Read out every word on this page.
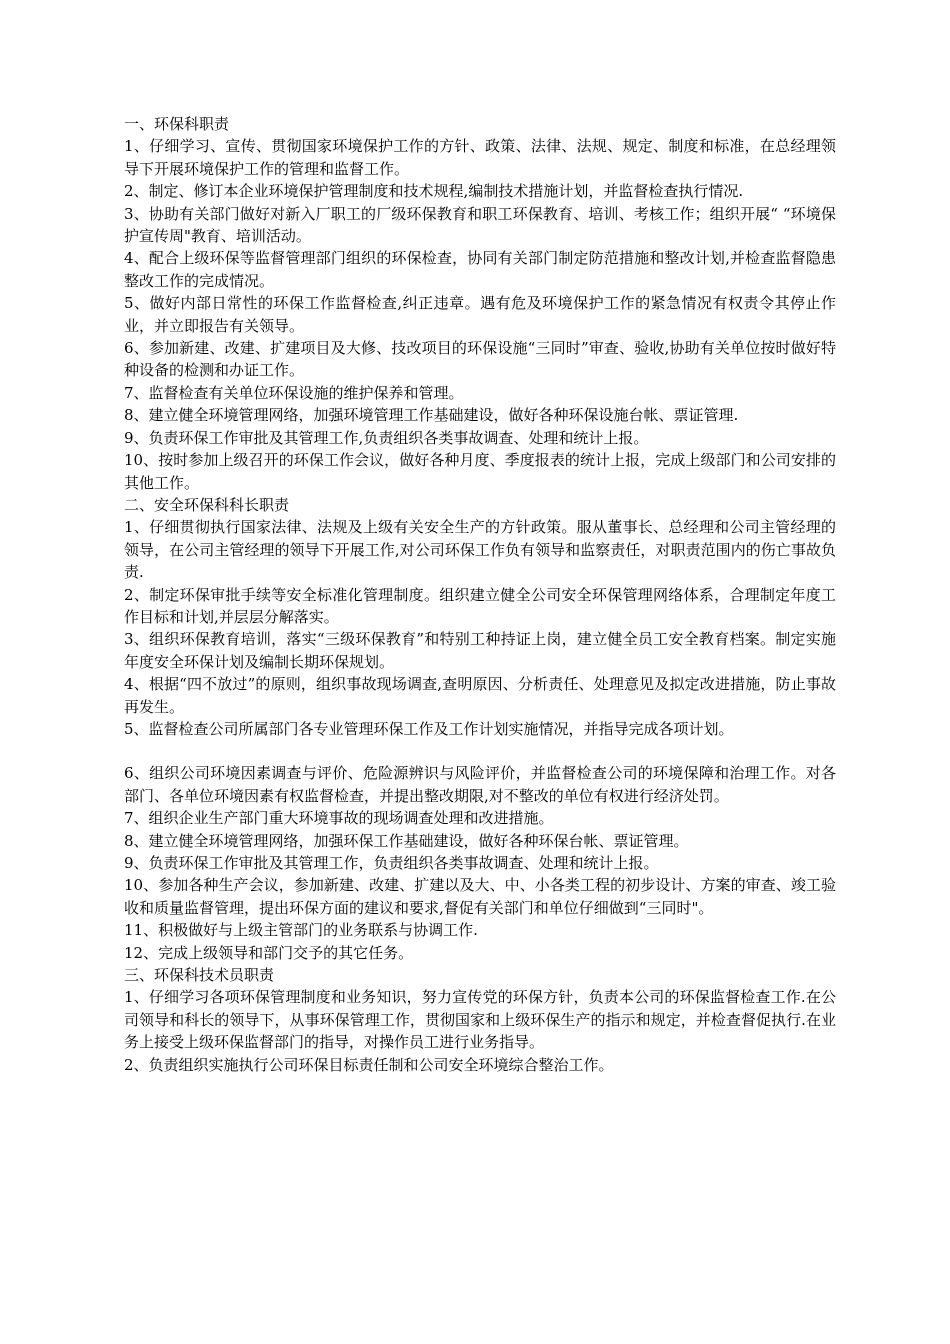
一、环保科职责

1、仔细学习、宣传、贯彻国家环境保护工作的方针、政策、法律、法规、规定、制度和标准，在总经理领导下开展环境保护工作的管理和监督工作。

2、制定、修订本企业环境保护管理制度和技术规程,编制技术措施计划，并监督检查执行情况.

3、协助有关部门做好对新入厂职工的厂级环保教育和职工环保教育、培训、考核工作；组织开展“ “环境保护宣传周"教育、培训活动。

4、配合上级环保等监督管理部门组织的环保检查，协同有关部门制定防范措施和整改计划,并检查监督隐患整改工作的完成情况。

5、做好内部日常性的环保工作监督检查,纠正违章。遇有危及环境保护工作的紧急情况有权责令其停止作业，并立即报告有关领导。

6、参加新建、改建、扩建项目及大修、技改项目的环保设施“三同时”审查、验收,协助有关单位按时做好特种设备的检测和办证工作。

7、监督检查有关单位环保设施的维护保养和管理。

8、建立健全环境管理网络，加强环境管理工作基础建设，做好各种环保设施台帐、票证管理.

9、负责环保工作审批及其管理工作,负责组织各类事故调查、处理和统计上报。

10、按时参加上级召开的环保工作会议，做好各种月度、季度报表的统计上报，完成上级部门和公司安排的其他工作。

二、安全环保科科长职责

1、仔细贯彻执行国家法律、法规及上级有关安全生产的方针政策。服从董事长、总经理和公司主管经理的领导，在公司主管经理的领导下开展工作,对公司环保工作负有领导和监察责任，对职责范围内的伤亡事故负责.

2、制定环保审批手续等安全标准化管理制度。组织建立健全公司安全环保管理网络体系，合理制定年度工作目标和计划,并层层分解落实。

3、组织环保教育培训，落实“三级环保教育”和特别工种持证上岗，建立健全员工安全教育档案。制定实施年度安全环保计划及编制长期环保规划。

4、根据“四不放过”的原则，组织事故现场调查,查明原因、分析责任、处理意见及拟定改进措施，防止事故再发生。

5、监督检查公司所属部门各专业管理环保工作及工作计划实施情况，并指导完成各项计划。

6、组织公司环境因素调查与评价、危险源辨识与风险评价，并监督检查公司的环境保障和治理工作。对各部门、各单位环境因素有权监督检查，并提出整改期限,对不整改的单位有权进行经济处罚。

7、组织企业生产部门重大环境事故的现场调查处理和改进措施。

8、建立健全环境管理网络，加强环保工作基础建设，做好各种环保台帐、票证管理。

9、负责环保工作审批及其管理工作，负责组织各类事故调查、处理和统计上报。

10、参加各种生产会议，参加新建、改建、扩建以及大、中、小各类工程的初步设计、方案的审查、竣工验收和质量监督管理，提出环保方面的建议和要求,督促有关部门和单位仔细做到“三同时"。

11、积极做好与上级主管部门的业务联系与协调工作.

12、完成上级领导和部门交予的其它任务。

三、环保科技术员职责

1、仔细学习各项环保管理制度和业务知识，努力宣传党的环保方针，负责本公司的环保监督检查工作.在公司领导和科长的领导下，从事环保管理工作，贯彻国家和上级环保生产的指示和规定，并检查督促执行.在业务上接受上级环保监督部门的指导，对操作员工进行业务指导。

2、负责组织实施执行公司环保目标责任制和公司安全环境综合整治工作。
